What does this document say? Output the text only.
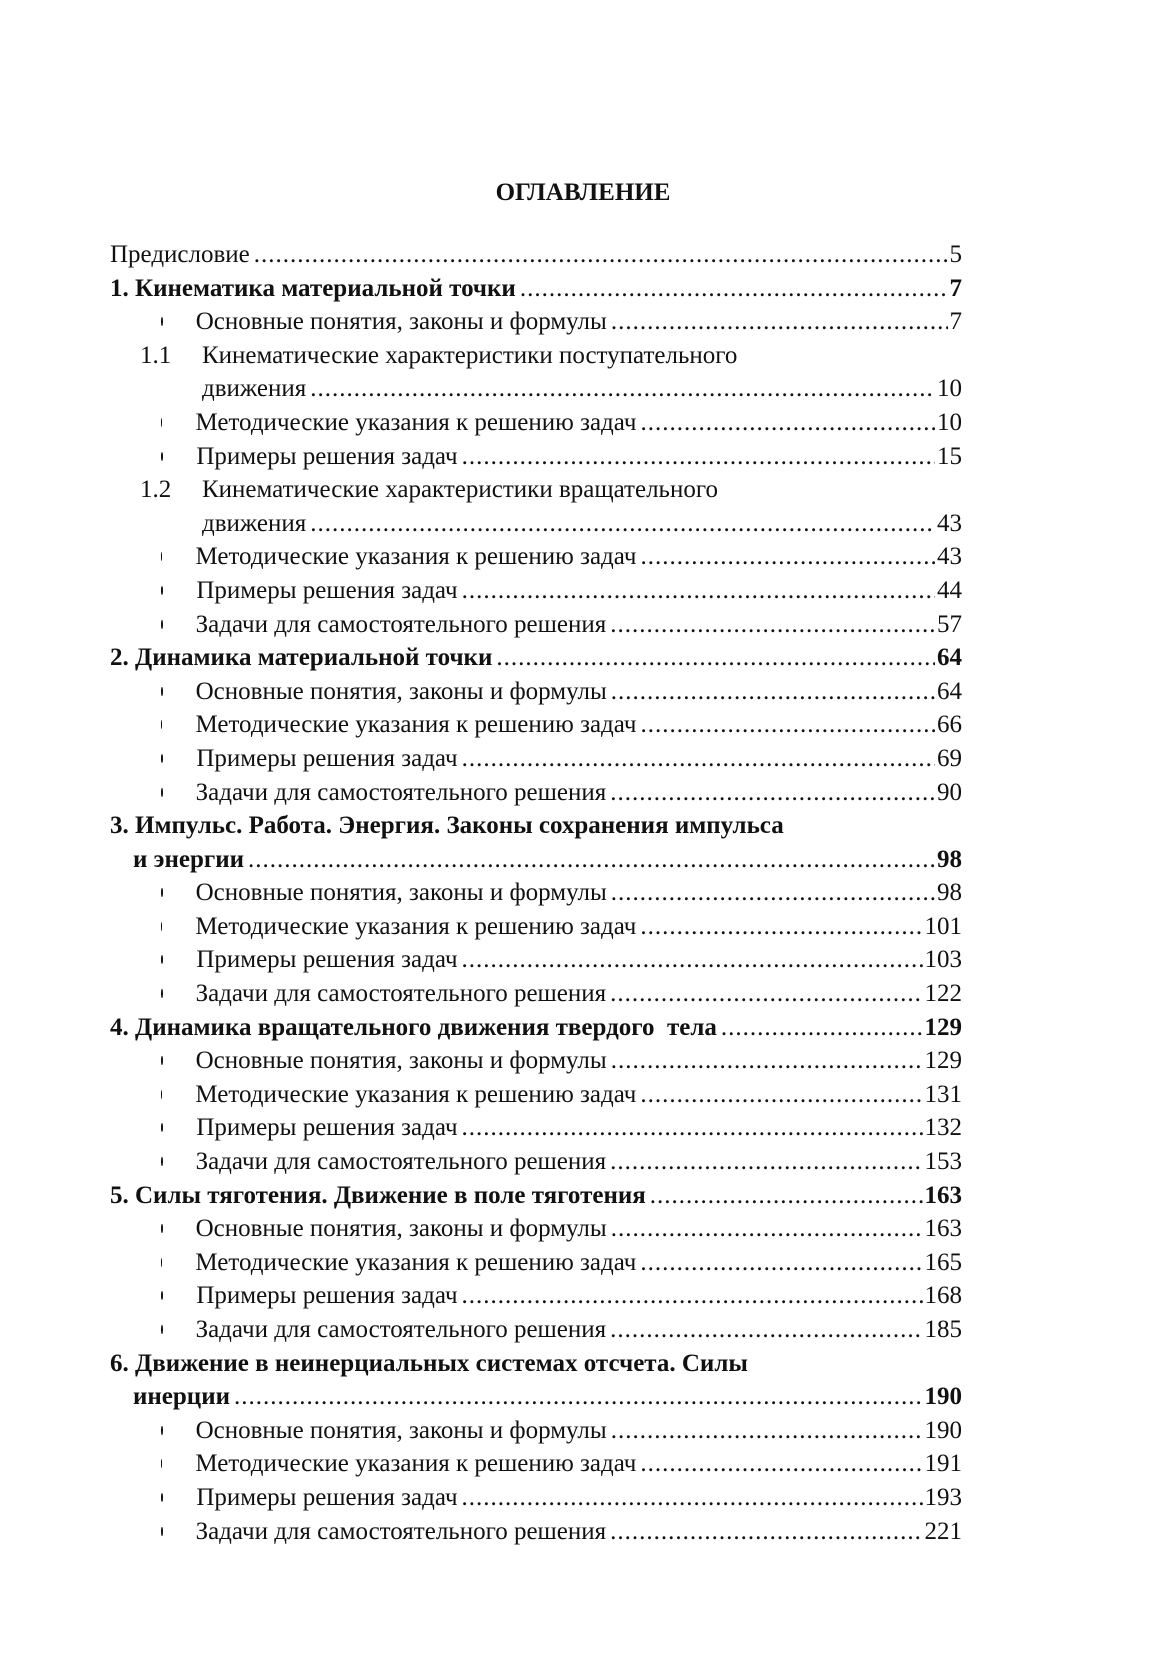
ОГЛАВЛЕНИЕ
Предисловие .....	5
1. Кинематика материальной точки .....	7
Основные понятия, законы и формулы .....	7
1.1	Кинематические характеристики поступательного
движения .....	10
Методические указания к решению задач .....	10
Примеры решения задач .....	15
1.2	Кинематические характеристики вращательного
движения .....	43
Методические указания к решению задач .....	43
Примеры решения задач .....	44
Задачи для самостоятельного решения .....	57
2. Динамика материальной точки .....	64
Основные понятия, законы и формулы .....	64
Методические указания к решению задач .....	66
Примеры решения задач .....	69
Задачи для самостоятельного решения .....	90
3. Импульс. Работа. Энергия. Законы сохранения импульса
и энергии .....	98
Основные понятия, законы и формулы .....	98
Методические указания к решению задач .....	101
Примеры решения задач .....	103
Задачи для самостоятельного решения .....	122
4. Динамика вращательного движения твердого  тела .....	129
Основные понятия, законы и формулы .....	129
Методические указания к решению задач .....	131
Примеры решения задач .....	132
Задачи для самостоятельного решения .....	153
5. Силы тяготения. Движение в поле тяготения .....	163
Основные понятия, законы и формулы .....	163
Методические указания к решению задач .....	165
Примеры решения задач .....	168
Задачи для самостоятельного решения .....	185
6. Движение в неинерциальных системах отсчета. Силы
инерции .....	190
Основные понятия, законы и формулы .....	190
Методические указания к решению задач .....	191
Примеры решения задач .....	193
Задачи для самостоятельного решения .....	221
